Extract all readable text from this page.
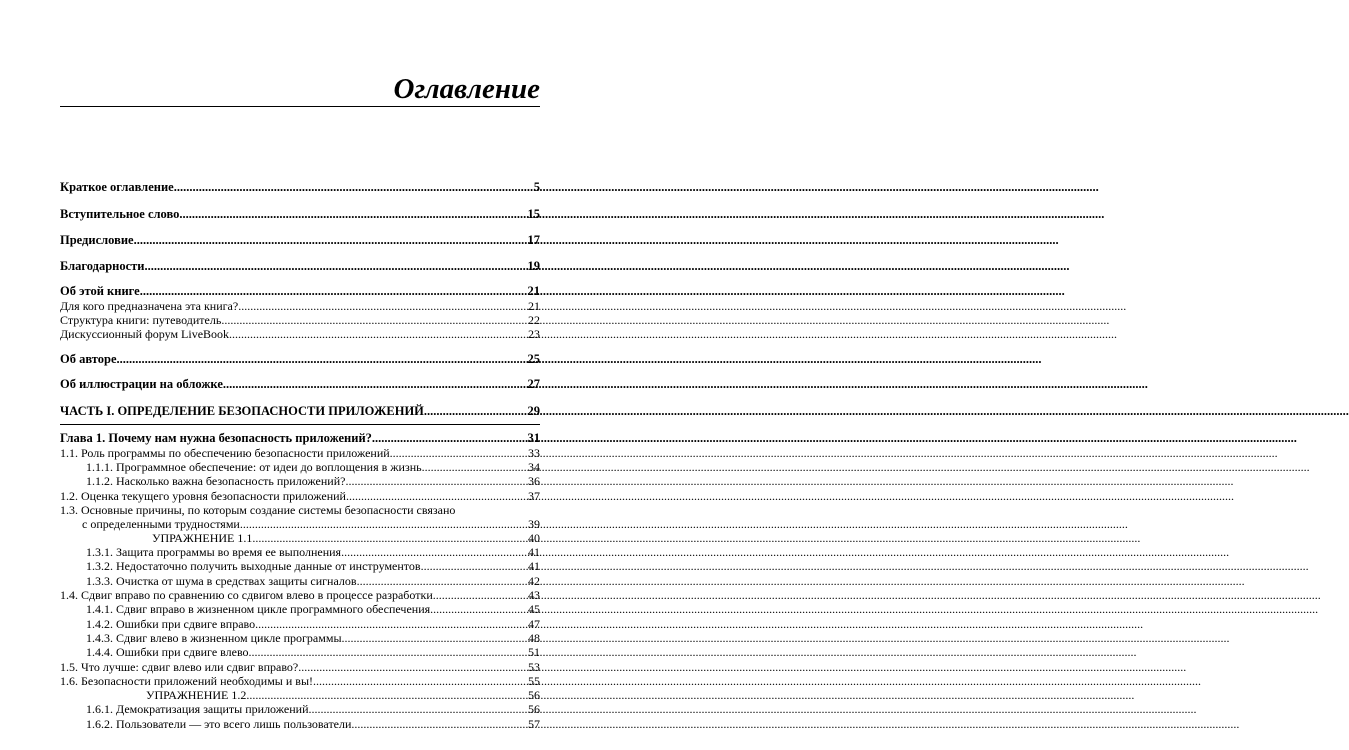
Оглавление
Краткое оглавление .....	5
Вступительное слово .....	15
Предисловие .....	17
Благодарности .....	19
Об этой книге .....	21
Для кого предназначена эта книга? .....	21
Структура книги: путеводитель .....	22
Дискуссионный форум LiveBook .....	23
Об авторе .....	25
Об иллюстрации на обложке .....	27
ЧАСТЬ I. ОПРЕДЕЛЕНИЕ БЕЗОПАСНОСТИ ПРИЛОЖЕНИЙ .....	29
Глава 1. Почему нам нужна безопасность приложений? .....	31
1.1. Роль программы по обеспечению безопасности приложений .....	33
1.1.1. Программное обеспечение: от идеи до воплощения в жизнь .....	34
1.1.2. Насколько важна безопасность приложений? .....	36
1.2. Оценка текущего уровня безопасности приложений .....	37
1.3. Основные причины, по которым создание системы безопасности связано
с определенными трудностями .....	39
УПРАЖНЕНИЕ 1.1 .....	40
1.3.1. Защита программы во время ее выполнения .....	41
1.3.2. Недостаточно получить выходные данные от инструментов .....	41
1.3.3. Очистка от шума в средствах защиты сигналов .....	42
1.4. Сдвиг вправо по сравнению со сдвигом влево в процессе разработки .....	43
1.4.1. Сдвиг вправо в жизненном цикле программного обеспечения .....	45
1.4.2. Ошибки при сдвиге вправо .....	47
1.4.3. Сдвиг влево в жизненном цикле программы .....	48
1.4.4. Ошибки при сдвиге влево .....	51
1.5. Что лучше: сдвиг влево или сдвиг вправо? .....	53
1.6. Безопасности приложений необходимы и вы! .....	55
УПРАЖНЕНИЕ 1.2 .....	56
1.6.1. Демократизация защиты приложений .....	56
1.6.2. Пользователи — это всего лишь пользователи .....	57
